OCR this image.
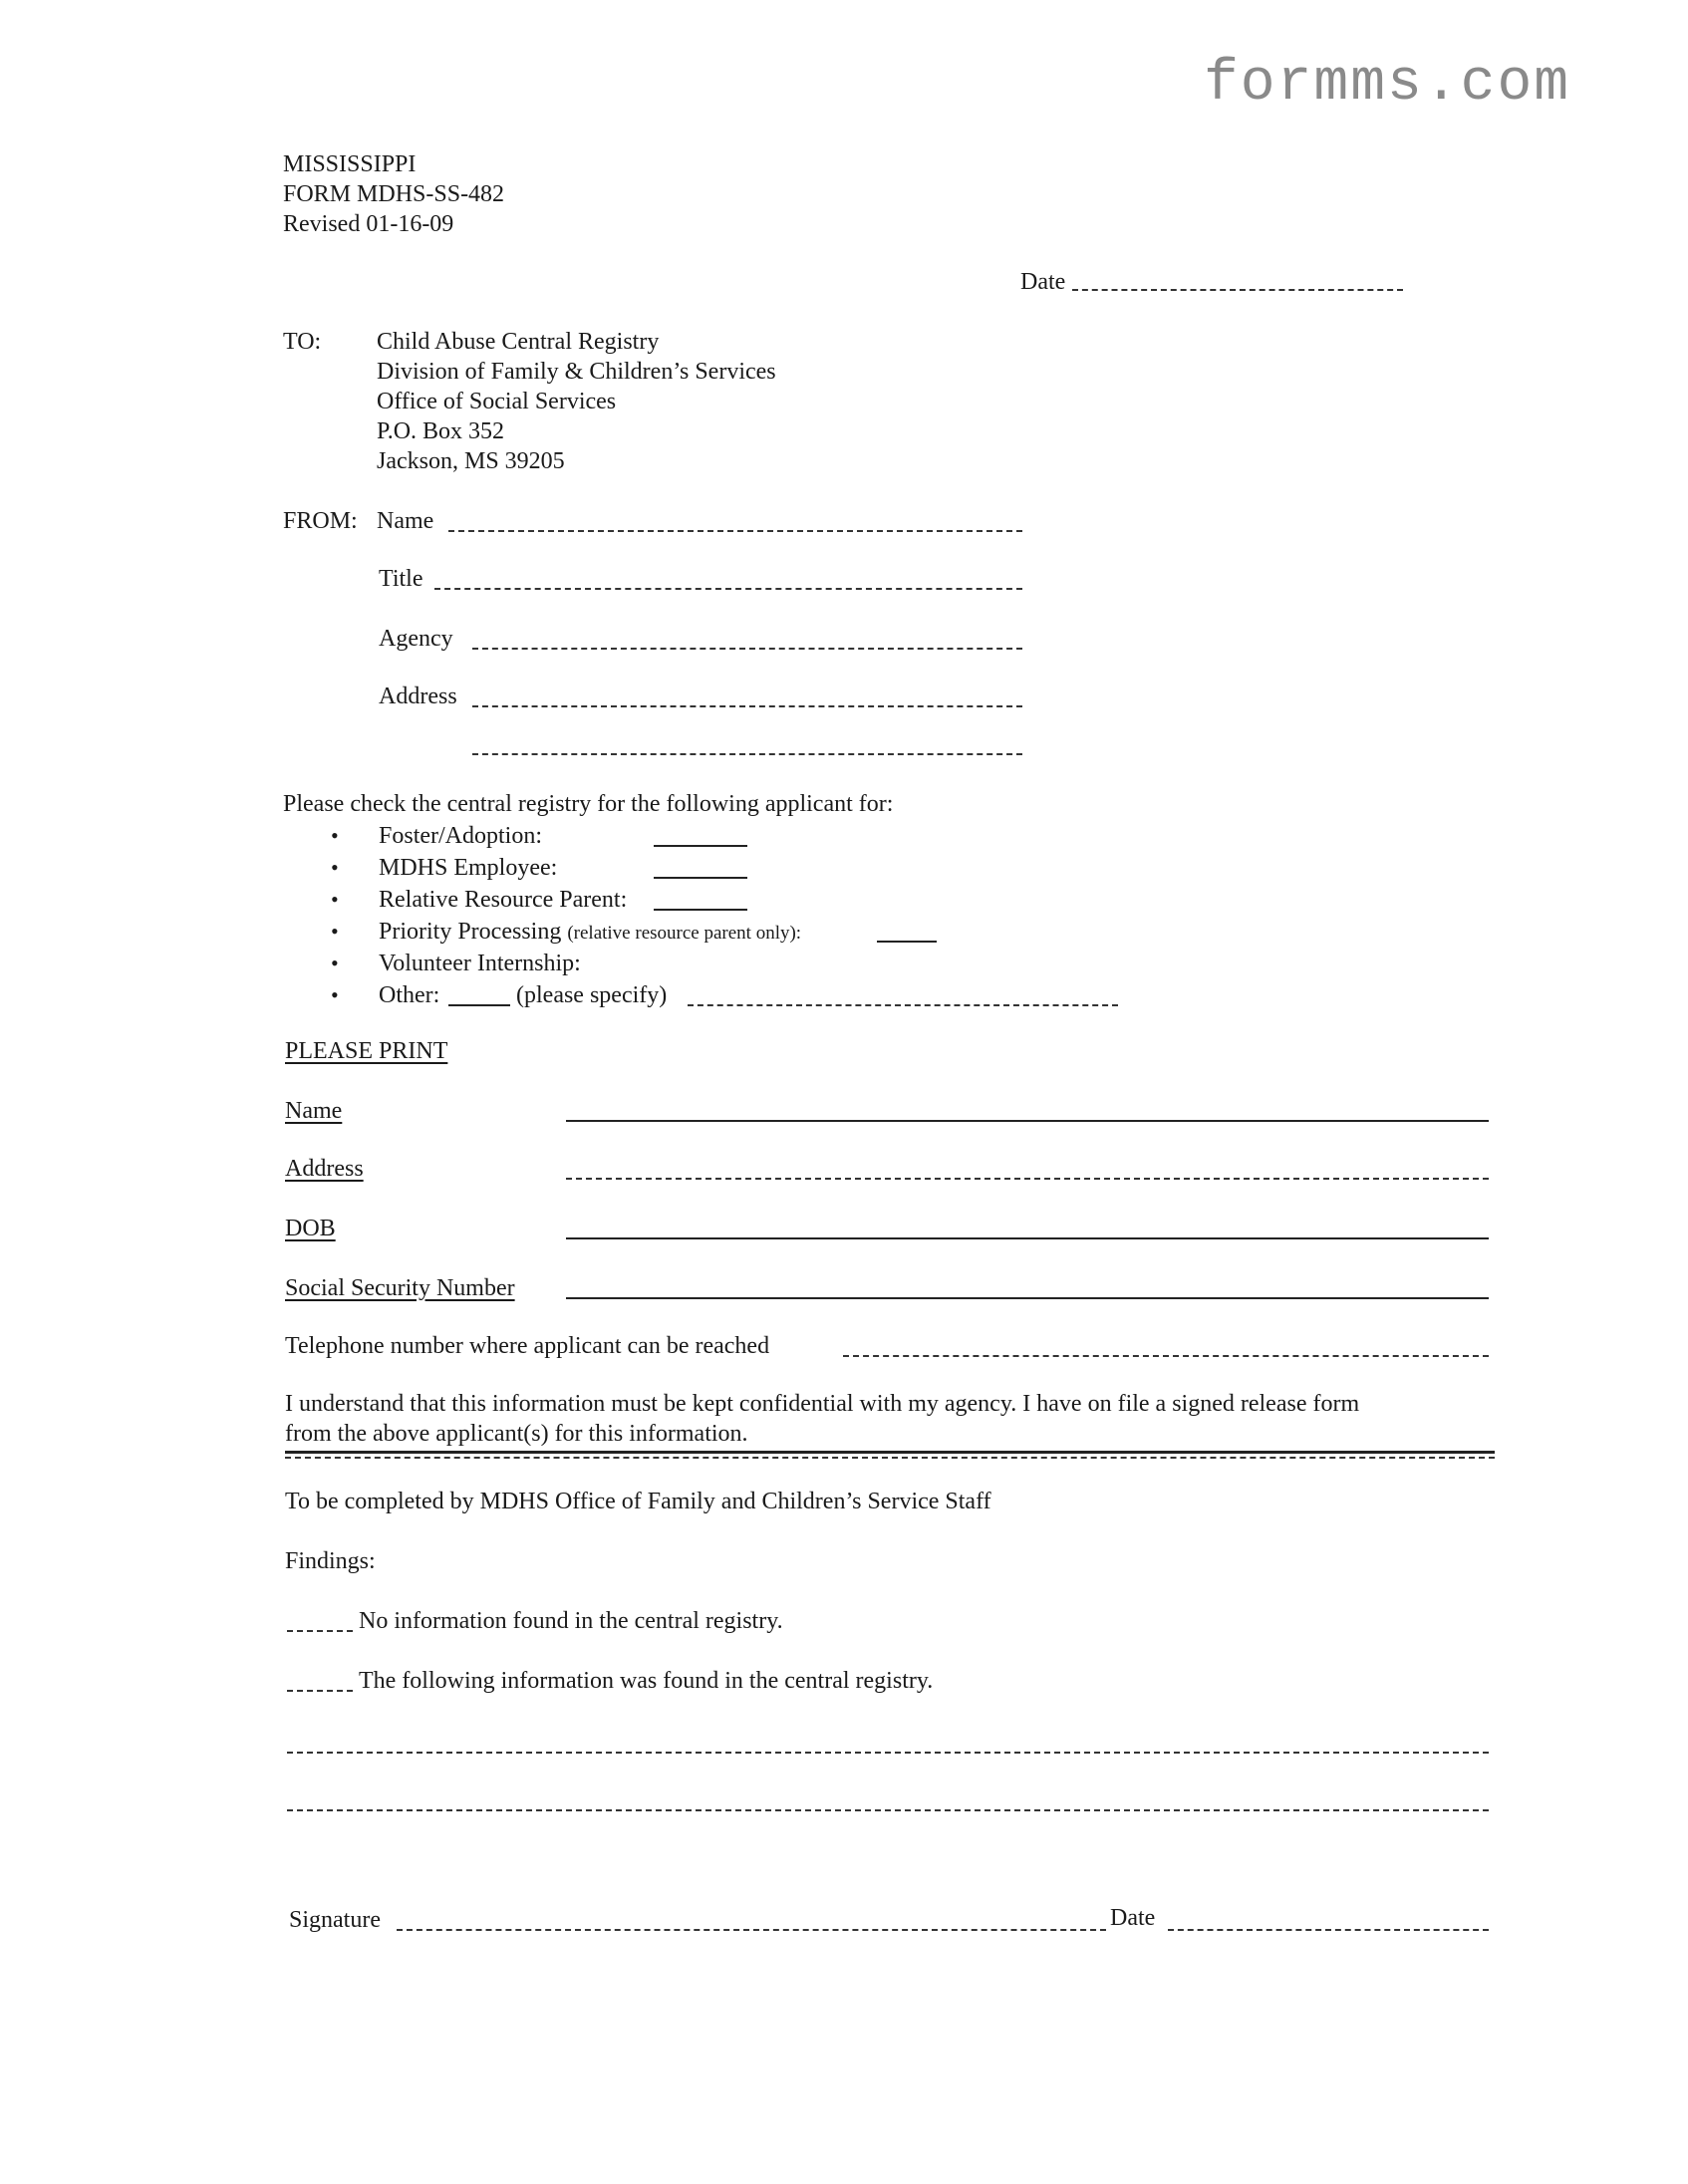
formms.com
MISSISSIPPI
FORM MDHS-SS-482
Revised 01-16-09
Date
TO: Child Abuse Central Registry
Division of Family & Children’s Services
Office of Social Services
P.O. Box 352
Jackson, MS 39205
FROM: Name
Title
Agency
Address
Please check the central registry for the following applicant for:
• Foster/Adoption:
• MDHS Employee:
• Relative Resource Parent:
• Priority Processing (relative resource parent only):
• Volunteer Internship:
• Other:	(please specify)
PLEASE PRINT
Name
Address
DOB
Social Security Number
Telephone number where applicant can be reached
I understand that this information must be kept confidential with my agency. I have on file a signed release form
from the above applicant(s) for this information.
To be completed by MDHS Office of Family and Children’s Service Staff
Findings:
No information found in the central registry.
The following information was found in the central registry.
Signature	Date
